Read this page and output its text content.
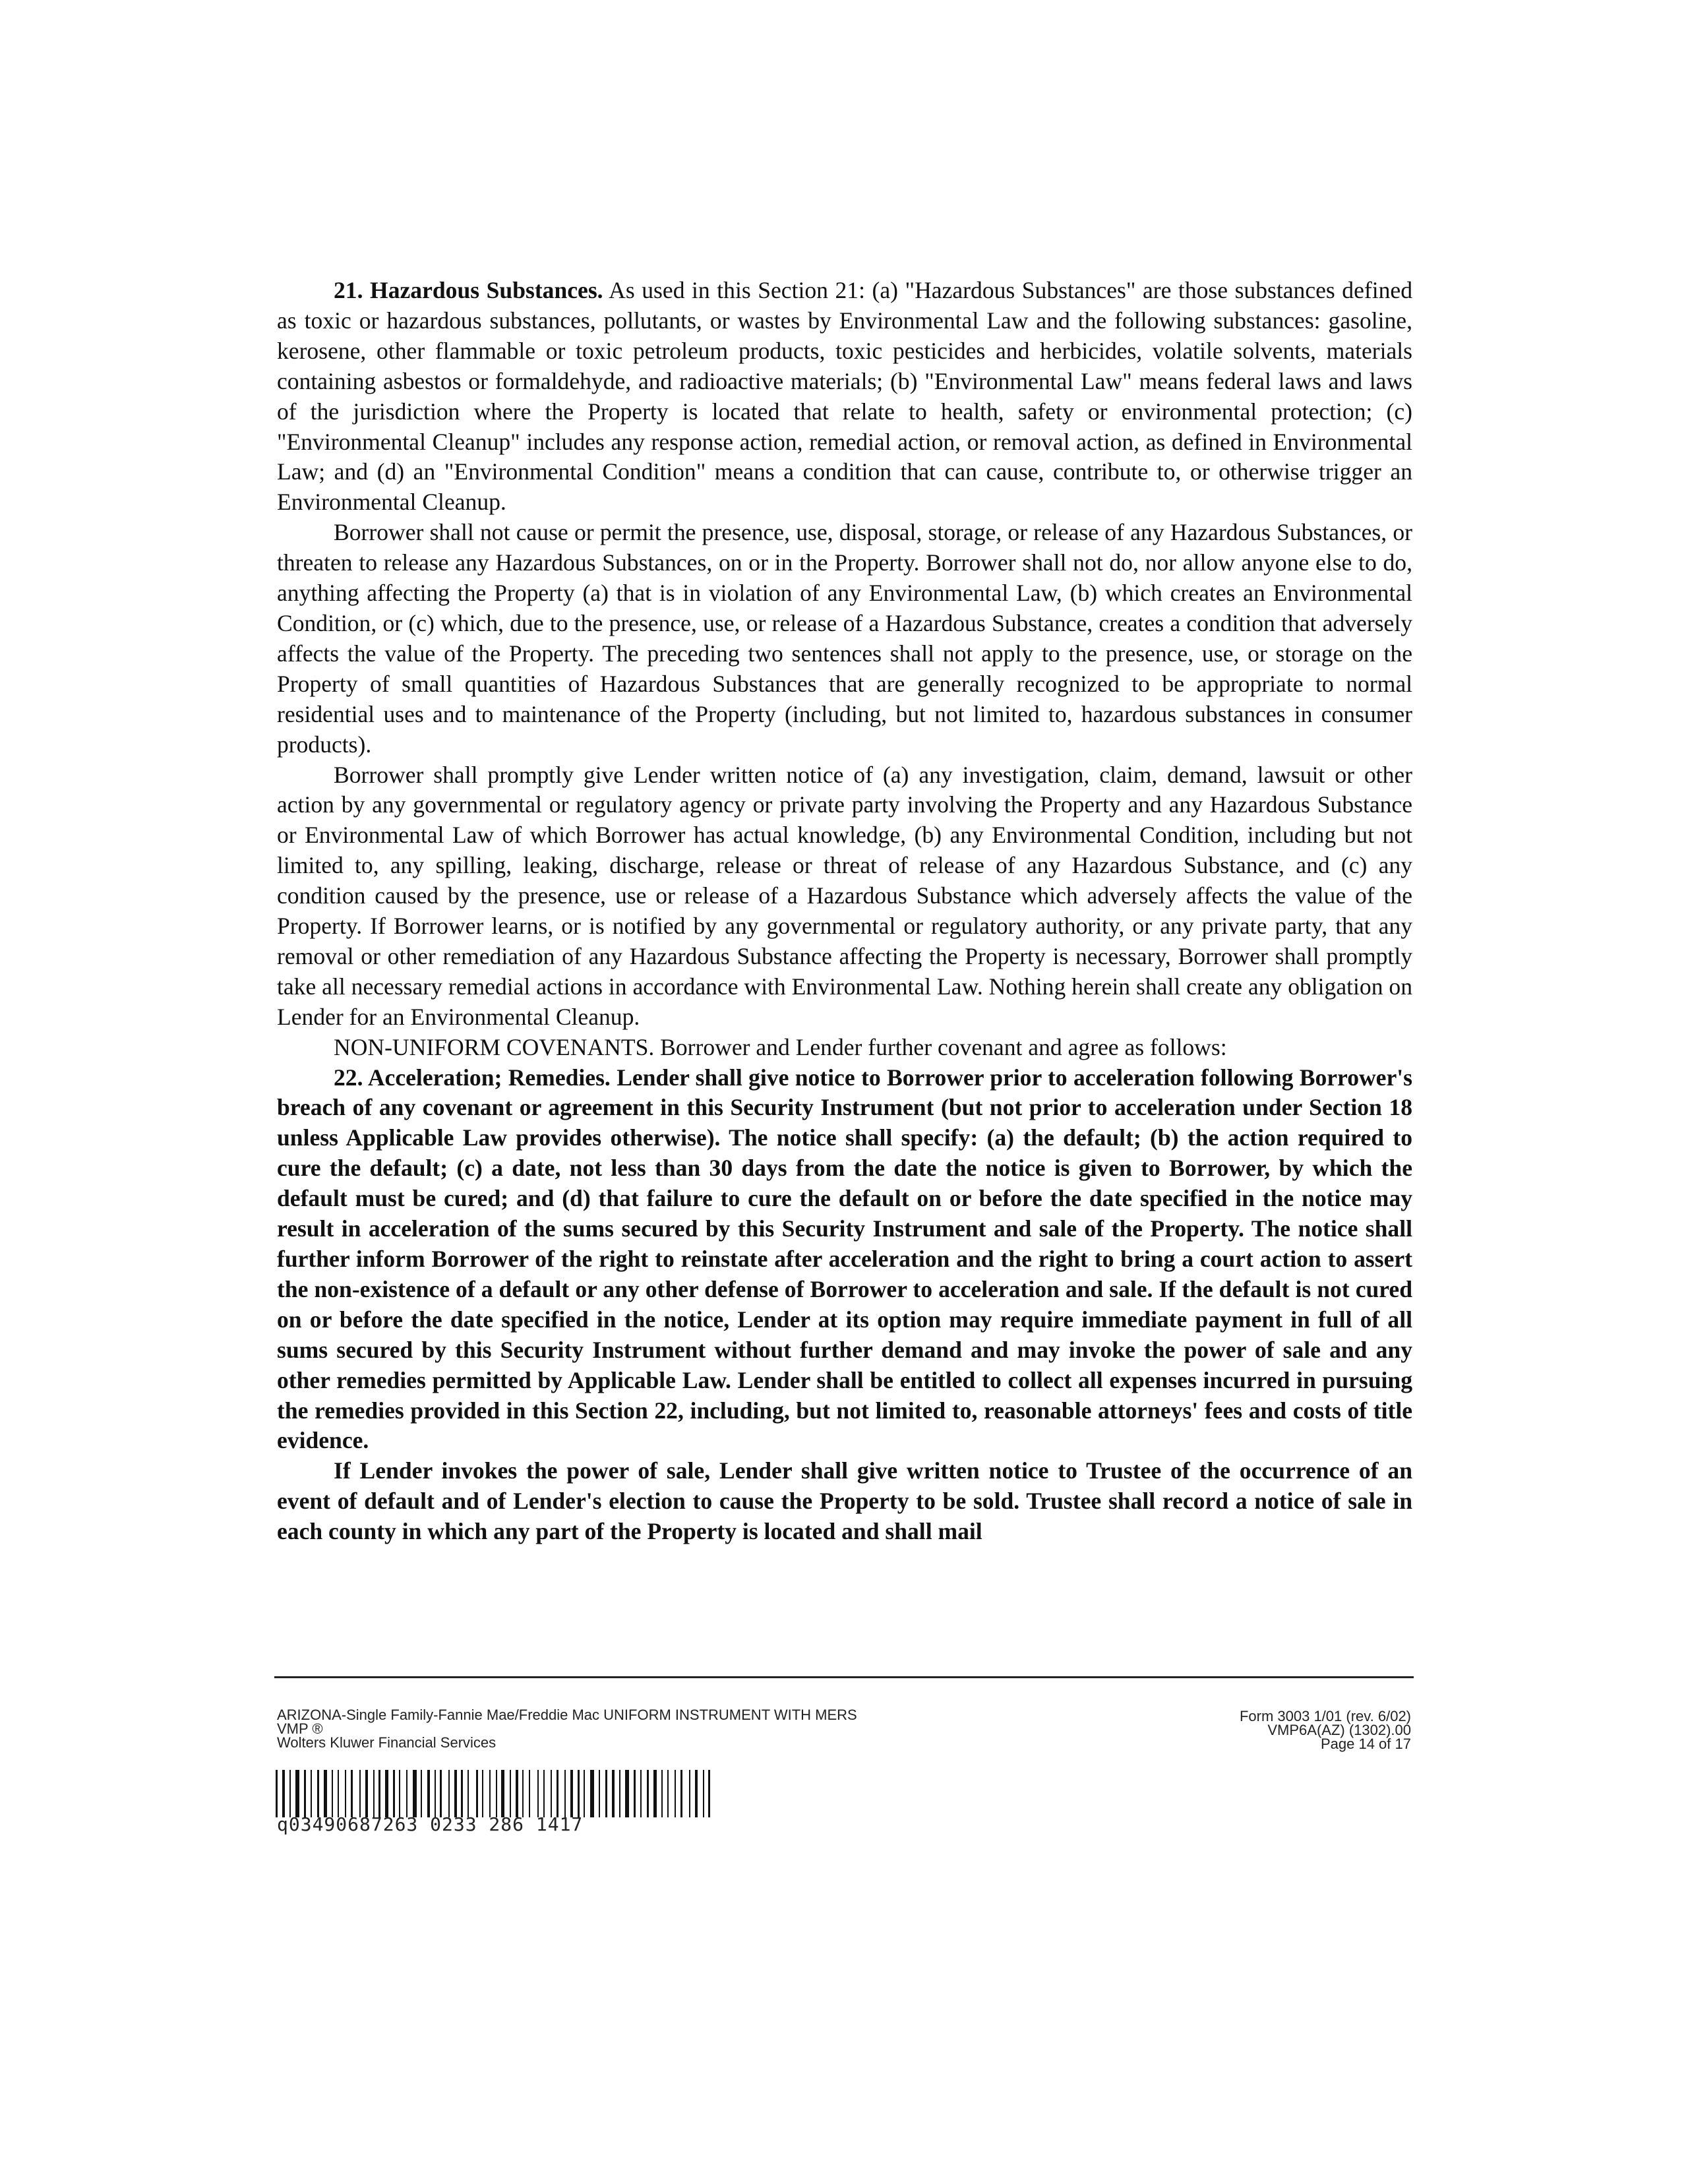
21. Hazardous Substances. As used in this Section 21: (a) "Hazardous Substances" are those substances defined as toxic or hazardous substances, pollutants, or wastes by Environmental Law and the following substances: gasoline, kerosene, other flammable or toxic petroleum products, toxic pesticides and herbicides, volatile solvents, materials containing asbestos or formaldehyde, and radioactive materials; (b) "Environmental Law" means federal laws and laws of the jurisdiction where the Property is located that relate to health, safety or environmental protection; (c) "Environmental Cleanup" includes any response action, remedial action, or removal action, as defined in Environmental Law; and (d) an "Environmental Condition" means a condition that can cause, contribute to, or otherwise trigger an Environmental Cleanup.

Borrower shall not cause or permit the presence, use, disposal, storage, or release of any Hazardous Substances, or threaten to release any Hazardous Substances, on or in the Property. Borrower shall not do, nor allow anyone else to do, anything affecting the Property (a) that is in violation of any Environmental Law, (b) which creates an Environmental Condition, or (c) which, due to the presence, use, or release of a Hazardous Substance, creates a condition that adversely affects the value of the Property. The preceding two sentences shall not apply to the presence, use, or storage on the Property of small quantities of Hazardous Substances that are generally recognized to be appropriate to normal residential uses and to maintenance of the Property (including, but not limited to, hazardous substances in consumer products).

Borrower shall promptly give Lender written notice of (a) any investigation, claim, demand, lawsuit or other action by any governmental or regulatory agency or private party involving the Property and any Hazardous Substance or Environmental Law of which Borrower has actual knowledge, (b) any Environmental Condition, including but not limited to, any spilling, leaking, discharge, release or threat of release of any Hazardous Substance, and (c) any condition caused by the presence, use or release of a Hazardous Substance which adversely affects the value of the Property. If Borrower learns, or is notified by any governmental or regulatory authority, or any private party, that any removal or other remediation of any Hazardous Substance affecting the Property is necessary, Borrower shall promptly take all necessary remedial actions in accordance with Environmental Law. Nothing herein shall create any obligation on Lender for an Environmental Cleanup.

NON-UNIFORM COVENANTS. Borrower and Lender further covenant and agree as follows:

22. Acceleration; Remedies. Lender shall give notice to Borrower prior to acceleration following Borrower's breach of any covenant or agreement in this Security Instrument (but not prior to acceleration under Section 18 unless Applicable Law provides otherwise). The notice shall specify: (a) the default; (b) the action required to cure the default; (c) a date, not less than 30 days from the date the notice is given to Borrower, by which the default must be cured; and (d) that failure to cure the default on or before the date specified in the notice may result in acceleration of the sums secured by this Security Instrument and sale of the Property. The notice shall further inform Borrower of the right to reinstate after acceleration and the right to bring a court action to assert the non-existence of a default or any other defense of Borrower to acceleration and sale. If the default is not cured on or before the date specified in the notice, Lender at its option may require immediate payment in full of all sums secured by this Security Instrument without further demand and may invoke the power of sale and any other remedies permitted by Applicable Law. Lender shall be entitled to collect all expenses incurred in pursuing the remedies provided in this Section 22, including, but not limited to, reasonable attorneys' fees and costs of title evidence.

If Lender invokes the power of sale, Lender shall give written notice to Trustee of the occurrence of an event of default and of Lender's election to cause the Property to be sold. Trustee shall record a notice of sale in each county in which any part of the Property is located and shall mail

ARIZONA-Single Family-Fannie Mae/Freddie Mac UNIFORM INSTRUMENT WITH MERS
VMP ®
Wolters Kluwer Financial Services
Form 3003 1/01 (rev. 6/02)
VMP6A(AZ) (1302).00
Page 14 of 17
q03490687263 0233 286 1417
